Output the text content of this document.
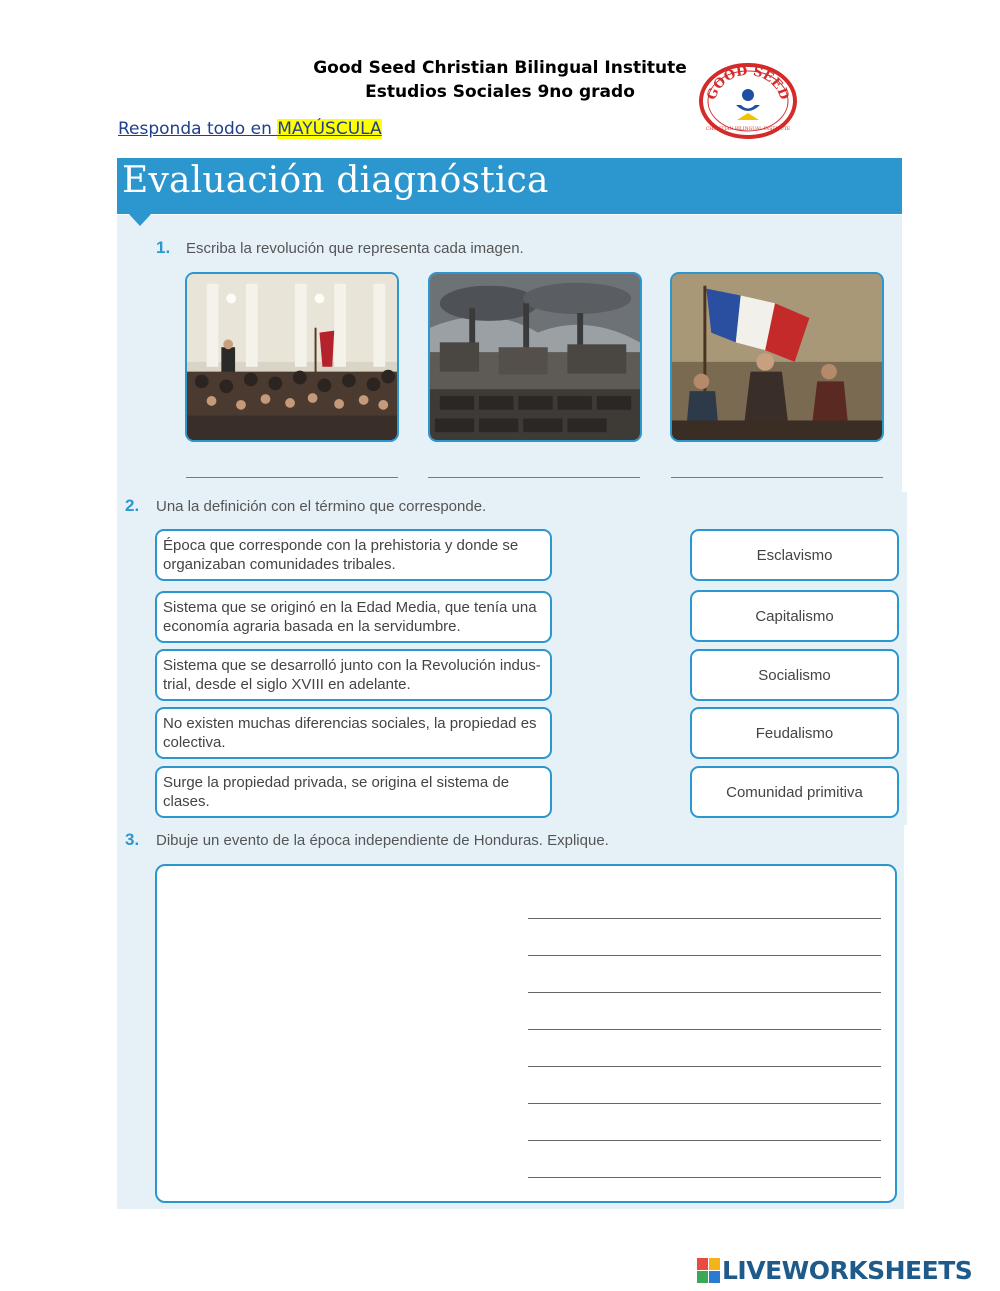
Good Seed Christian Bilingual Institute
Estudios Sociales 9no grado	GOOD SEED
CHRISTIAN BILINGUAL INSTITUTE
Responda todo en MAYÚSCULA
Evaluación diagnóstica
1. Escriba la revolución que representa cada imagen.
2. Una la definición con el término que corresponde.
Época que corresponde con la prehistoria y donde se organizaban comunidades tribales.
Sistema que se originó en la Edad Media, que tenía una economía agraria basada en la servidumbre.
Sistema que se desarrolló junto con la Revolución indus-trial, desde el siglo XVIII en adelante.
No existen muchas diferencias sociales, la propiedad es colectiva.
Surge la propiedad privada, se origina el sistema de clases.
Esclavismo
Capitalismo
Socialismo
Feudalismo
Comunidad primitiva
3. Dibuje un evento de la época independiente de Honduras. Explique.
LIVEWORKSHEETS
